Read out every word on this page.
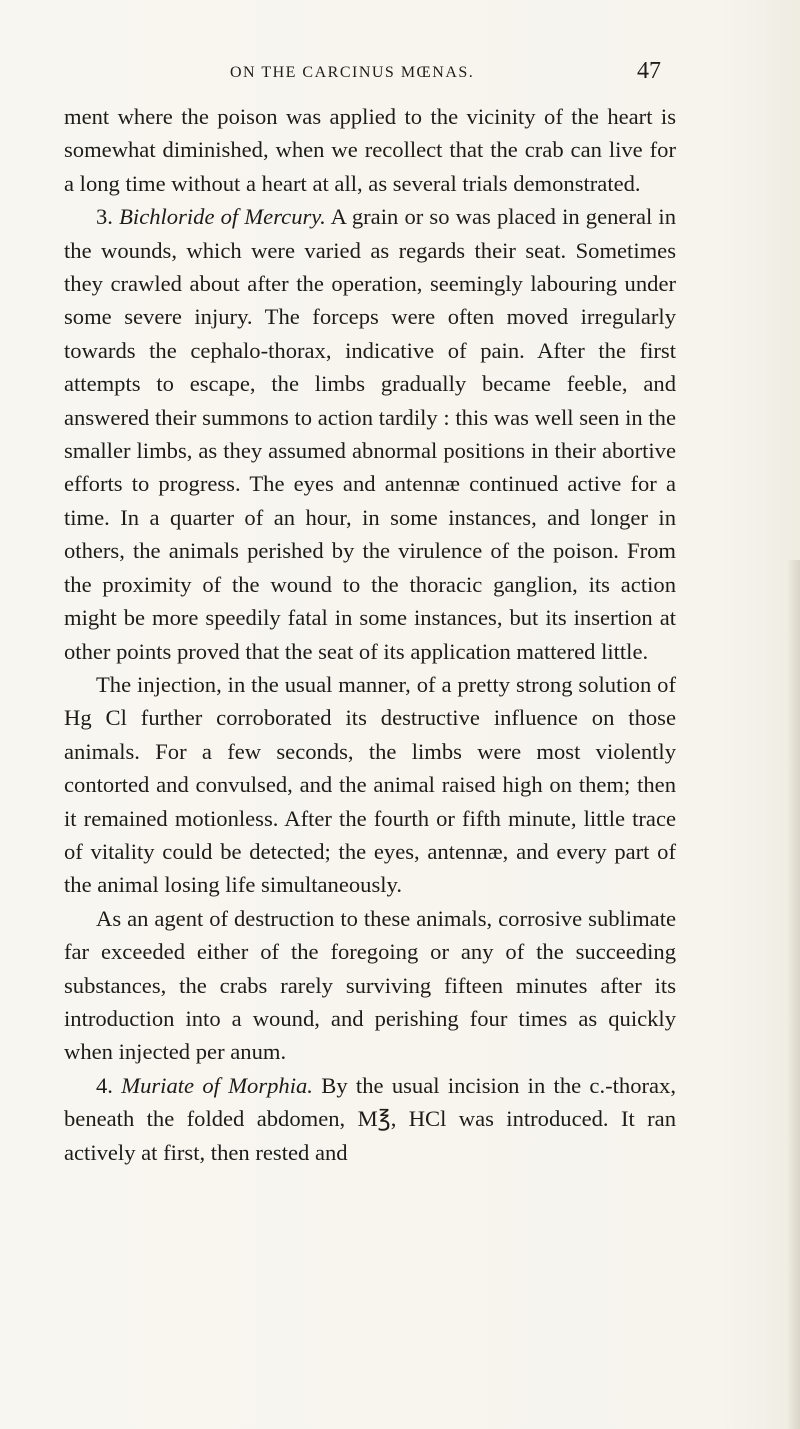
ON THE CARCINUS MŒNAS.	47

ment where the poison was applied to the vicinity of the heart is somewhat diminished, when we recollect that the crab can live for a long time without a heart at all, as several trials demonstrated.

3. Bichloride of Mercury. A grain or so was placed in general in the wounds, which were varied as regards their seat. Sometimes they crawled about after the operation, seemingly labouring under some severe injury. The forceps were often moved irregularly towards the cephalo-thorax, indicative of pain. After the first attempts to escape, the limbs gradually became feeble, and answered their summons to action tardily : this was well seen in the smaller limbs, as they assumed abnormal positions in their abortive efforts to progress. The eyes and antennæ continued active for a time. In a quarter of an hour, in some instances, and longer in others, the animals perished by the virulence of the poison. From the proximity of the wound to the thoracic ganglion, its action might be more speedily fatal in some instances, but its insertion at other points proved that the seat of its application mattered little.

The injection, in the usual manner, of a pretty strong solution of Hg Cl further corroborated its destructive influence on those animals. For a few seconds, the limbs were most violently contorted and convulsed, and the animal raised high on them; then it remained motionless. After the fourth or fifth minute, little trace of vitality could be detected; the eyes, antennæ, and every part of the animal losing life simultaneously.

As an agent of destruction to these animals, corrosive sublimate far exceeded either of the foregoing or any of the succeeding substances, the crabs rarely surviving fifteen minutes after its introduction into a wound, and perishing four times as quickly when injected per anum.

4. Muriate of Morphia. By the usual incision in the c.-thorax, beneath the folded abdomen, M℥, HCl was introduced. It ran actively at first, then rested and
